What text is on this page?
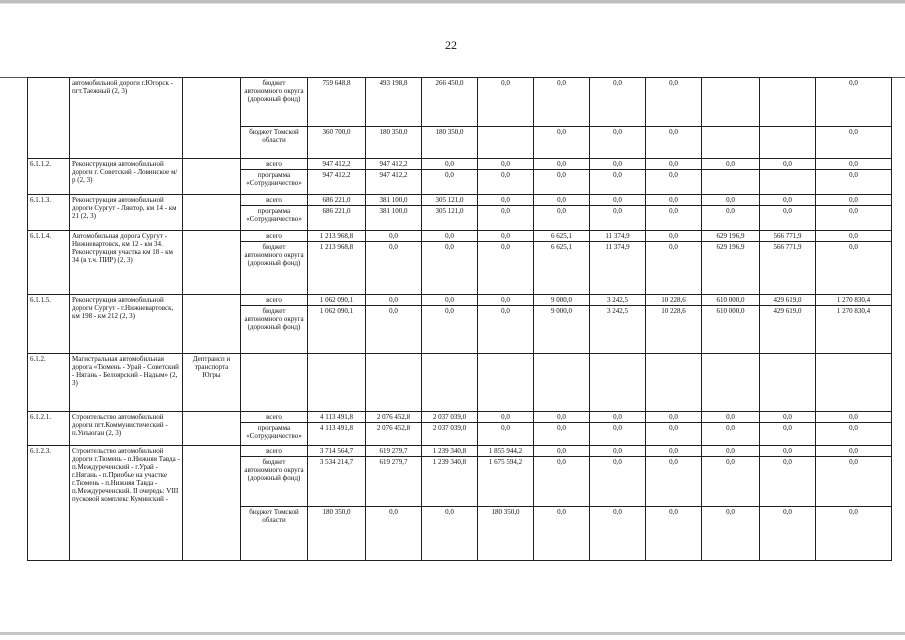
22
	автомобильной дороги г.Югорск - пгт.Таежный (2, 3)		бюджет автономного округа (дорожный фонд)	759 648,8	493 198,8	266 450,0	0,0	0,0	0,0	0,0			0,0
			бюджет Томской области	360 700,0	180 350,0	180 350,0		0,0	0,0	0,0			0,0
6.1.1.2.	Реконструкция автомобильной дороги г. Советский - Ловинское м/р (2, 3)		всего	947 412,2	947 412,2	0,0	0,0	0,0	0,0	0,0	0,0	0,0	0,0
			программа «Сотрудничество»	947 412,2	947 412,2	0,0	0,0	0,0	0,0	0,0			0,0
6.1.1.3.	Реконструкция автомобильной дороги Сургут - Лянтор, км 14 - км 21 (2, 3)		всего	686 221,0	381 100,0	305 121,0	0,0	0,0	0,0	0,0	0,0	0,0	0,0
			программа «Сотрудничество»	686 221,0	381 100,0	305 121,0	0,0	0,0	0,0	0,0	0,0	0,0	0,0
6.1.1.4.	Автомобильная дорога Сургут - Нижневартовск, км 12 - км 34. Реконструкция участка км 18 - км 34 (в т.ч. ПИР) (2, 3)		всего	1 213 968,8	0,0	0,0	0,0	6 625,1	11 374,9	0,0	629 196,9	566 771,9	0,0
			бюджет автономного округа (дорожный фонд)	1 213 968,8	0,0	0,0	0,0	6 625,1	11 374,9	0,0	629 196,9	566 771,9	0,0
6.1.1.5.	Реконструкция автомобильной дороги Сургут - г.Нижневартовск, км 198 - км 212 (2, 3)		всего	1 062 090,1	0,0	0,0	0,0	9 000,0	3 242,5	10 228,6	610 000,0	429 619,0	1 270 830,4
			бюджет автономного округа (дорожный фонд)	1 062 090,1	0,0	0,0	0,0	9 000,0	3 242,5	10 228,6	610 000,0	429 619,0	1 270 830,4
6.1.2.	Магистральная автомобильная дорога «Тюмень - Урай - Советский - Нягань - Белоярский - Надым» (2, 3)	Дептрансп и транспорта Югры											
6.1.2.1.	Строительство автомобильной дороги пгт.Коммунистический - п.Унъюган (2, 3)		всего	4 113 491,8	2 076 452,8	2 037 039,0	0,0	0,0	0,0	0,0	0,0	0,0	0,0
			программа «Сотрудничество»	4 113 491,8	2 076 452,8	2 037 039,0	0,0	0,0	0,0	0,0	0,0	0,0	0,0
6.1.2.3.	Строительство автомобильной дороги г.Тюмень - п.Нижняя Тавда - п.Междуреченский - г.Урай - г.Нягань - п.Приобье на участке г.Тюмень - п.Нижняя Тавда - п.Междуреченский. II очередь: VIII пусковой комплекс Куминский -		всего	3 714 564,7	619 279,7	1 239 340,8	1 855 944,2	0,0	0,0	0,0	0,0	0,0	0,0
			бюджет автономного округа (дорожный фонд)	3 534 214,7	619 279,7	1 239 340,8	1 675 594,2	0,0	0,0	0,0	0,0	0,0	0,0
			бюджет Томской области	180 350,0	0,0	0,0	180 350,0	0,0	0,0	0,0	0,0	0,0	0,0
